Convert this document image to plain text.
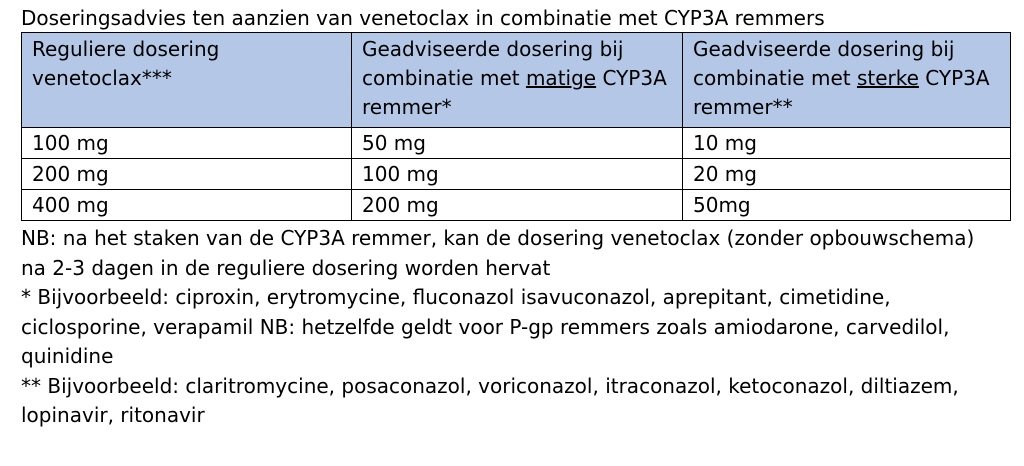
Doseringsadvies ten aanzien van venetoclax in combinatie met CYP3A remmers

Reguliere dosering venetoclax***	Geadviseerde dosering bij combinatie met matige CYP3A remmer*	Geadviseerde dosering bij combinatie met sterke CYP3A remmer**
100 mg	50 mg	10 mg
200 mg	100 mg	20 mg
400 mg	200 mg	50mg

NB: na het staken van de CYP3A remmer, kan de dosering venetoclax (zonder opbouwschema) na 2-3 dagen in de reguliere dosering worden hervat

* Bijvoorbeeld: ciproxin, erytromycine, fluconazol isavuconazol, aprepitant, cimetidine, ciclosporine, verapamil NB: hetzelfde geldt voor P-gp remmers zoals amiodarone, carvedilol, quinidine

** Bijvoorbeeld: claritromycine, posaconazol, voriconazol, itraconazol, ketoconazol, diltiazem, lopinavir, ritonavir
